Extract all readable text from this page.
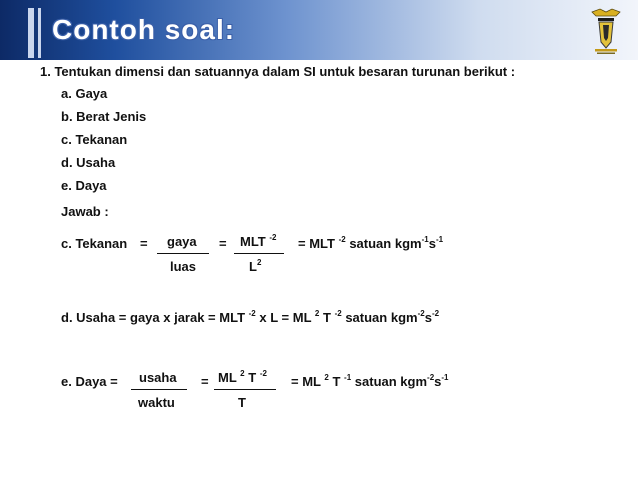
Contoh soal:
1. Tentukan dimensi dan satuannya dalam SI untuk besaran turunan berikut :
a. Gaya
b. Berat Jenis
c. Tekanan
d. Usaha
e. Daya
Jawab :
c. Tekanan = gaya
luas
= MLT $^{-2}$
$L^2$
= MLT $^{-2}$ satuan $kgm^{-1}s^{-1}$
d. Usaha = gaya x jarak = MLT $^{-2}$ x L = ML $^2$ T $^{-2}$ satuan $kgm^{-2}s^{-2}$
e. Daya = usaha
waktu
= ML $^2$ T $^{-2}$
T
= ML $^2$ T $^{-1}$ satuan $kgm^{-2}s^{-1}$
